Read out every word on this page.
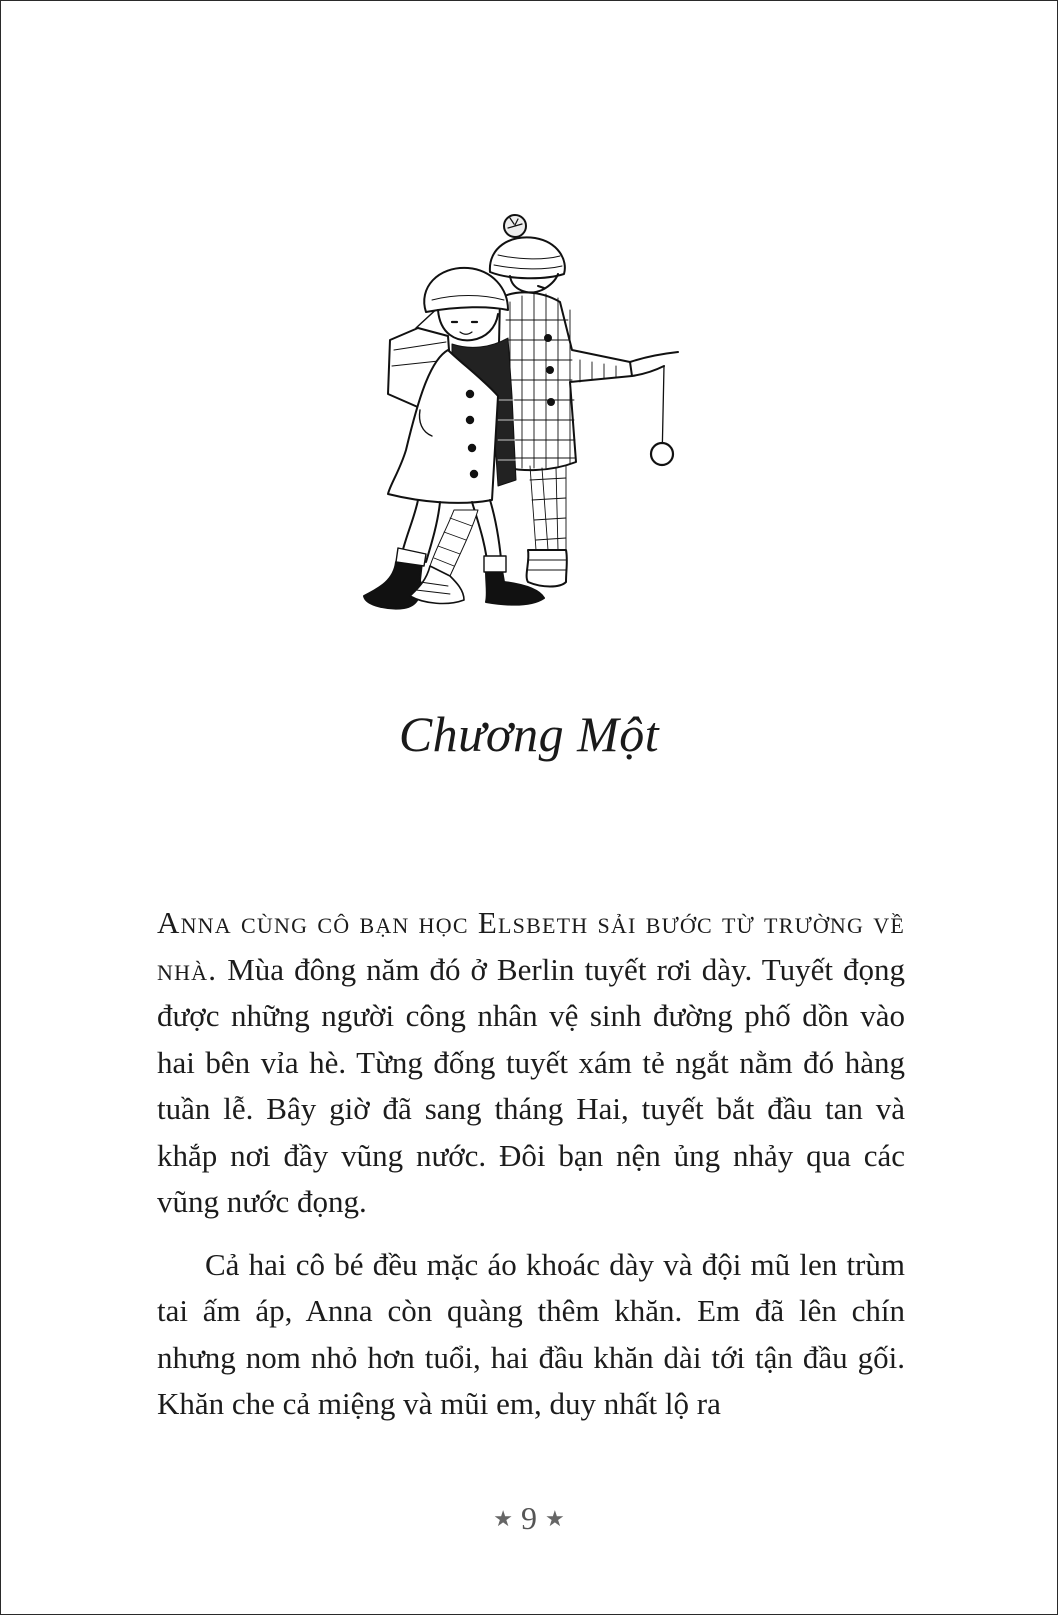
Chương Một

Anna cùng cô bạn học Elsbeth sải bước từ trường về nhà. Mùa đông năm đó ở Berlin tuyết rơi dày. Tuyết đọng được những người công nhân vệ sinh đường phố dồn vào hai bên vỉa hè. Từng đống tuyết xám tẻ ngắt nằm đó hàng tuần lễ. Bây giờ đã sang tháng Hai, tuyết bắt đầu tan và khắp nơi đầy vũng nước. Đôi bạn nện ủng nhảy qua các vũng nước đọng.

Cả hai cô bé đều mặc áo khoác dày và đội mũ len trùm tai ấm áp, Anna còn quàng thêm khăn. Em đã lên chín nhưng nom nhỏ hơn tuổi, hai đầu khăn dài tới tận đầu gối. Khăn che cả miệng và mũi em, duy nhất lộ ra

★ 9 ★
